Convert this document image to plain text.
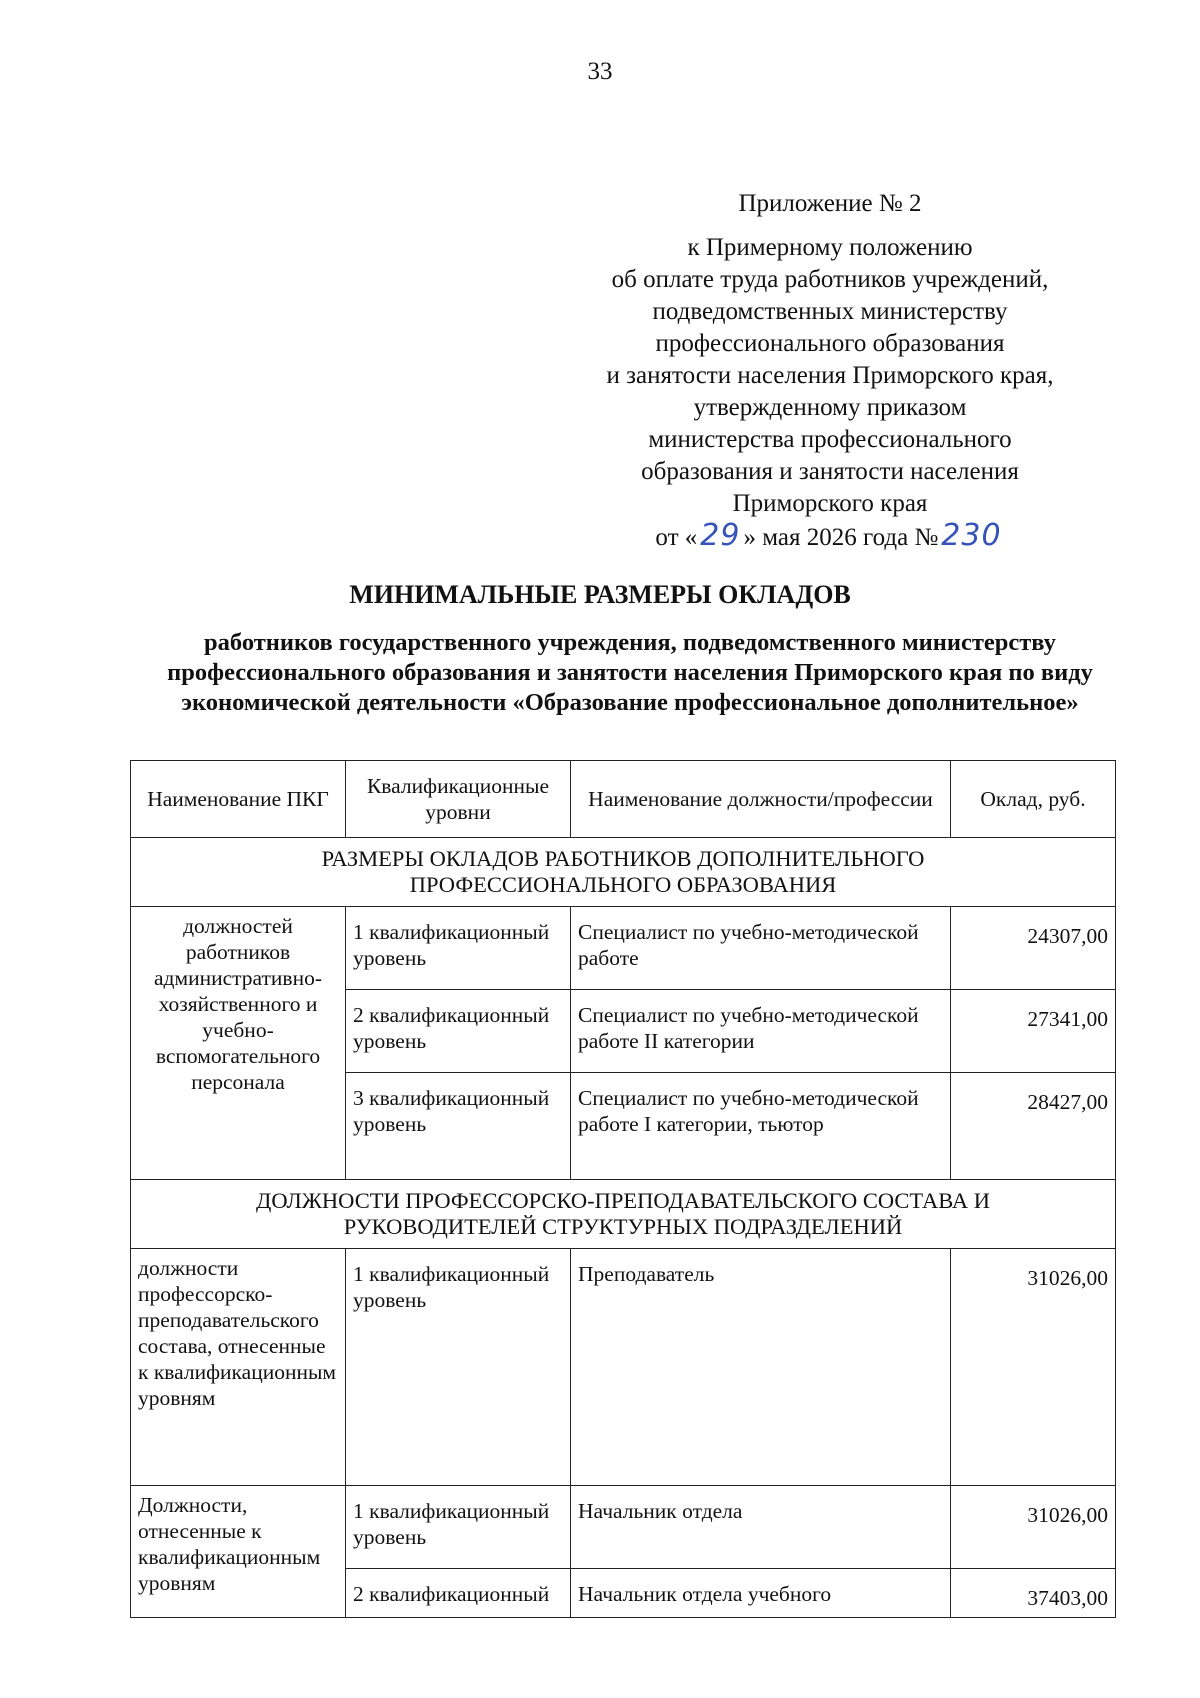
33
Приложение № 2
к Примерному положению
об оплате труда работников учреждений,
подведомственных министерству
профессионального образования
и занятости населения Приморского края,
утвержденному приказом
министерства профессионального
образования и занятости населения
Приморского края
от « 29 » мая 2026 года № 230
МИНИМАЛЬНЫЕ РАЗМЕРЫ ОКЛАДОВ
работников государственного учреждения, подведомственного министерству профессионального образования и занятости населения Приморского края по виду экономической деятельности «Образование профессиональное дополнительное»
Наименование ПКГ	Квалификационные уровни	Наименование должности/профессии	Оклад, руб.
РАЗМЕРЫ ОКЛАДОВ РАБОТНИКОВ ДОПОЛНИТЕЛЬНОГО ПРОФЕССИОНАЛЬНОГО ОБРАЗОВАНИЯ			
должностей работников административно-хозяйственного и учебно-вспомогательного персонала	1 квалификационный уровень	Специалист по учебно-методической работе	24307,00
	2 квалификационный уровень	Специалист по учебно-методической работе II категории	27341,00
	3 квалификационный уровень	Специалист по учебно-методической работе I категории, тьютор	28427,00
ДОЛЖНОСТИ ПРОФЕССОРСКО-ПРЕПОДАВАТЕЛЬСКОГО СОСТАВА И РУКОВОДИТЕЛЕЙ СТРУКТУРНЫХ ПОДРАЗДЕЛЕНИЙ			
должности профессорско-преподавательского состава, отнесенные к квалификационным уровням	1 квалификационный уровень	Преподаватель	31026,00
Должности, отнесенные к квалификационным уровням	1 квалификационный уровень	Начальник отдела	31026,00
	2 квалификационный	Начальник отдела учебного	37403,00
